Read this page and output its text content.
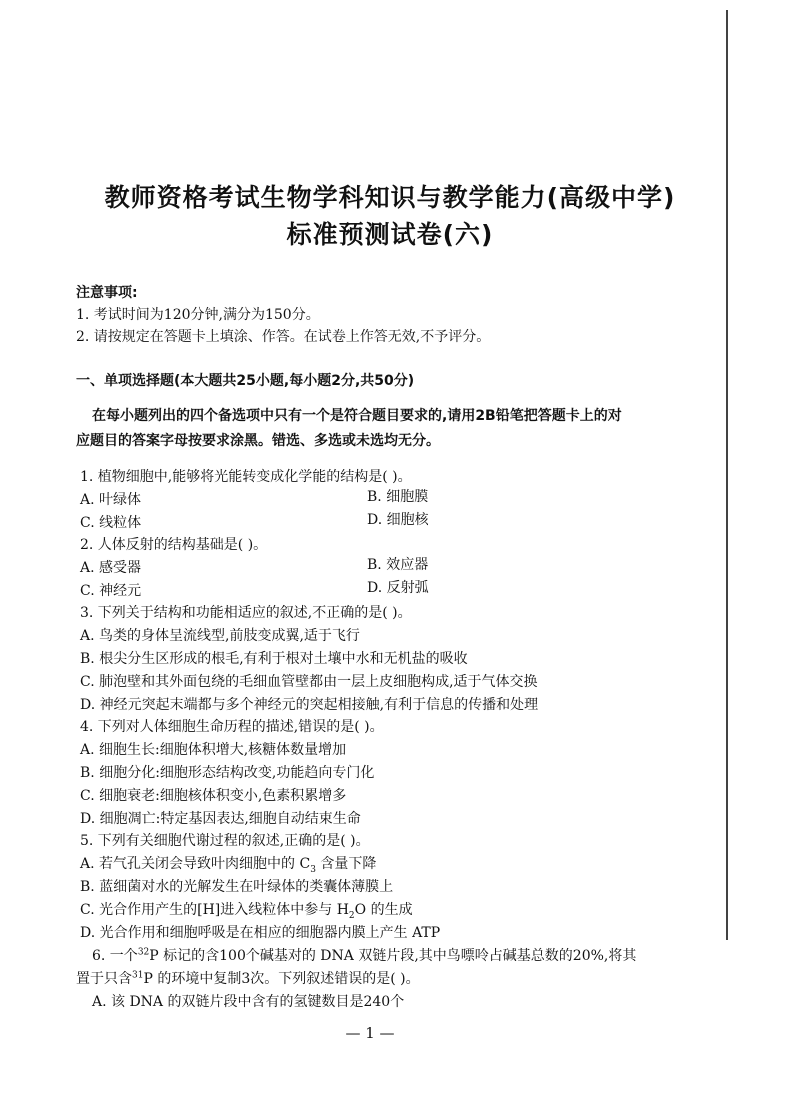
教师资格考试生物学科知识与教学能力(高级中学)
标准预测试卷(六)
注意事项:
1. 考试时间为120分钟,满分为150分。
2. 请按规定在答题卡上填涂、作答。在试卷上作答无效,不予评分。
一、单项选择题(本大题共25小题,每小题2分,共50分)
在每小题列出的四个备选项中只有一个是符合题目要求的,请用2B铅笔把答题卡上的对
应题目的答案字母按要求涂黑。错选、多选或未选均无分。
1. 植物细胞中,能够将光能转变成化学能的结构是( )。
A. 叶绿体	B. 细胞膜
C. 线粒体	D. 细胞核
2. 人体反射的结构基础是( )。
A. 感受器	B. 效应器
C. 神经元	D. 反射弧
3. 下列关于结构和功能相适应的叙述,不正确的是( )。
A. 鸟类的身体呈流线型,前肢变成翼,适于飞行
B. 根尖分生区形成的根毛,有利于根对土壤中水和无机盐的吸收
C. 肺泡壁和其外面包绕的毛细血管壁都由一层上皮细胞构成,适于气体交换
D. 神经元突起末端都与多个神经元的突起相接触,有利于信息的传播和处理
4. 下列对人体细胞生命历程的描述,错误的是( )。
A. 细胞生长:细胞体积增大,核糖体数量增加
B. 细胞分化:细胞形态结构改变,功能趋向专门化
C. 细胞衰老:细胞核体积变小,色素积累增多
D. 细胞凋亡:特定基因表达,细胞自动结束生命
5. 下列有关细胞代谢过程的叙述,正确的是( )。
A. 若气孔关闭会导致叶肉细胞中的 $C_3$ 含量下降
B. 蓝细菌对水的光解发生在叶绿体的类囊体薄膜上
C. 光合作用产生的[H]进入线粒体中参与 $H_2O$ 的生成
D. 光合作用和细胞呼吸是在相应的细胞器内膜上产生 ATP
6. 一个$^{32}$P 标记的含100个碱基对的 DNA 双链片段,其中鸟嘌呤占碱基总数的20%,将其
置于只含$^{31}$P 的环境中复制3次。下列叙述错误的是( )。
A. 该 DNA 的双链片段中含有的氢键数目是240个
— 1 —
